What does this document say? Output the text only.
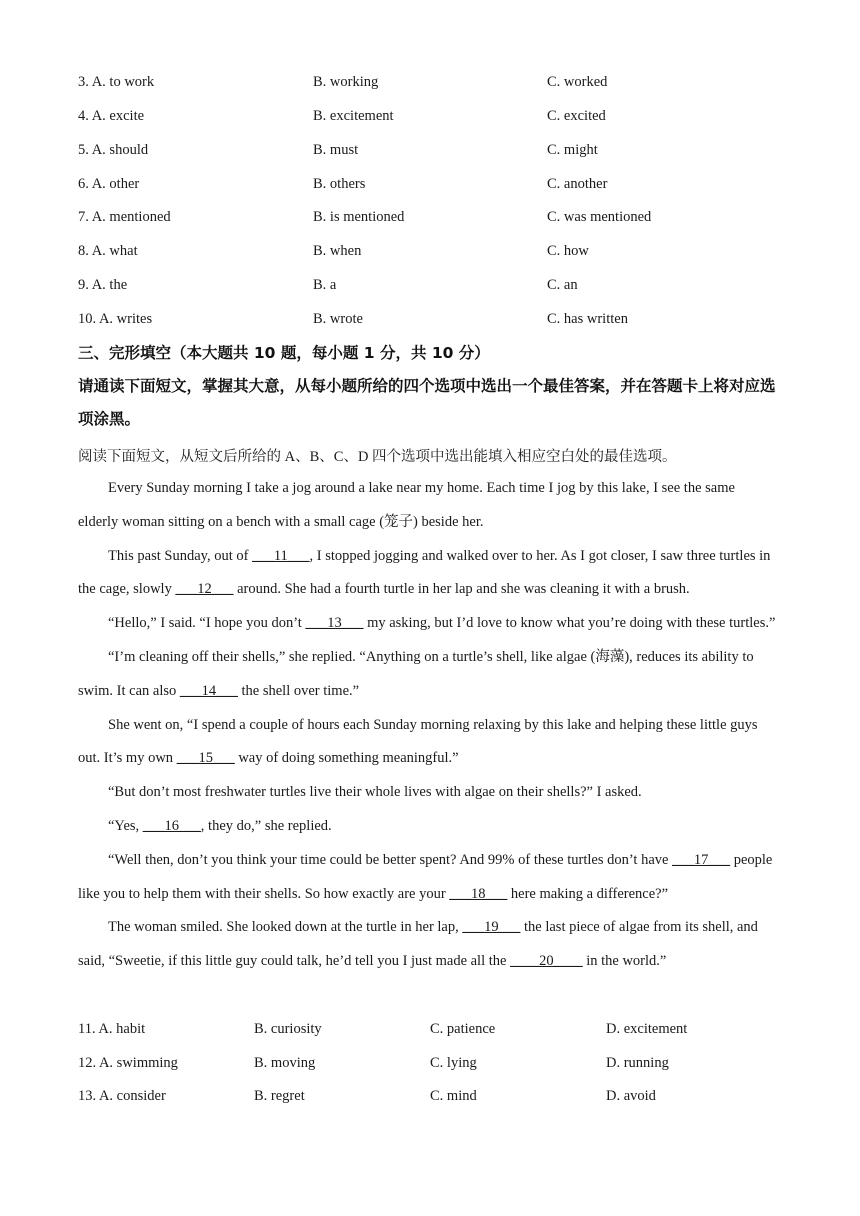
3. A. to work	B. working	C. worked
4. A. excite	B. excitement	C. excited
5. A. should	B. must	C. might
6. A. other	B. others	C. another
7. A. mentioned	B. is mentioned	C. was mentioned
8. A. what	B. when	C. how
9. A. the	B. a	C. an
10. A. writes	B. wrote	C. has written
三、完形填空（本大题共 10 题，每小题 1 分，共 10 分）
请通读下面短文，掌握其大意，从每小题所给的四个选项中选出一个最佳答案，并在答题卡上将对应选项涂黑。
阅读下面短文，从短文后所给的 A、B、C、D 四个选项中选出能填入相应空白处的最佳选项。

Every Sunday morning I take a jog around a lake near my home. Each time I jog by this lake, I see the same elderly woman sitting on a bench with a small cage (笼子) beside her.

This past Sunday, out of ___11___, I stopped jogging and walked over to her. As I got closer, I saw three turtles in the cage, slowly ___12___ around. She had a fourth turtle in her lap and she was cleaning it with a brush.

“Hello,” I said. “I hope you don’t ___13___ my asking, but I’d love to know what you’re doing with these turtles.”

“I’m cleaning off their shells,” she replied. “Anything on a turtle’s shell, like algae (海藻), reduces its ability to swim. It can also ___14___ the shell over time.”

She went on, “I spend a couple of hours each Sunday morning relaxing by this lake and helping these little guys out. It’s my own ___15___ way of doing something meaningful.”

“But don’t most freshwater turtles live their whole lives with algae on their shells?” I asked.

“Yes, ___16___, they do,” she replied.

“Well then, don’t you think your time could be better spent? And 99% of these turtles don’t have ___17___ people like you to help them with their shells. So how exactly are your ___18___ here making a difference?”

The woman smiled. She looked down at the turtle in her lap, ___19___ the last piece of algae from its shell, and said, “Sweetie, if this little guy could talk, he’d tell you I just made all the ____20____ in the world.”

11. A. habit	B. curiosity	C. patience	D. excitement
12. A. swimming	B. moving	C. lying	D. running
13. A. consider	B. regret	C. mind	D. avoid
